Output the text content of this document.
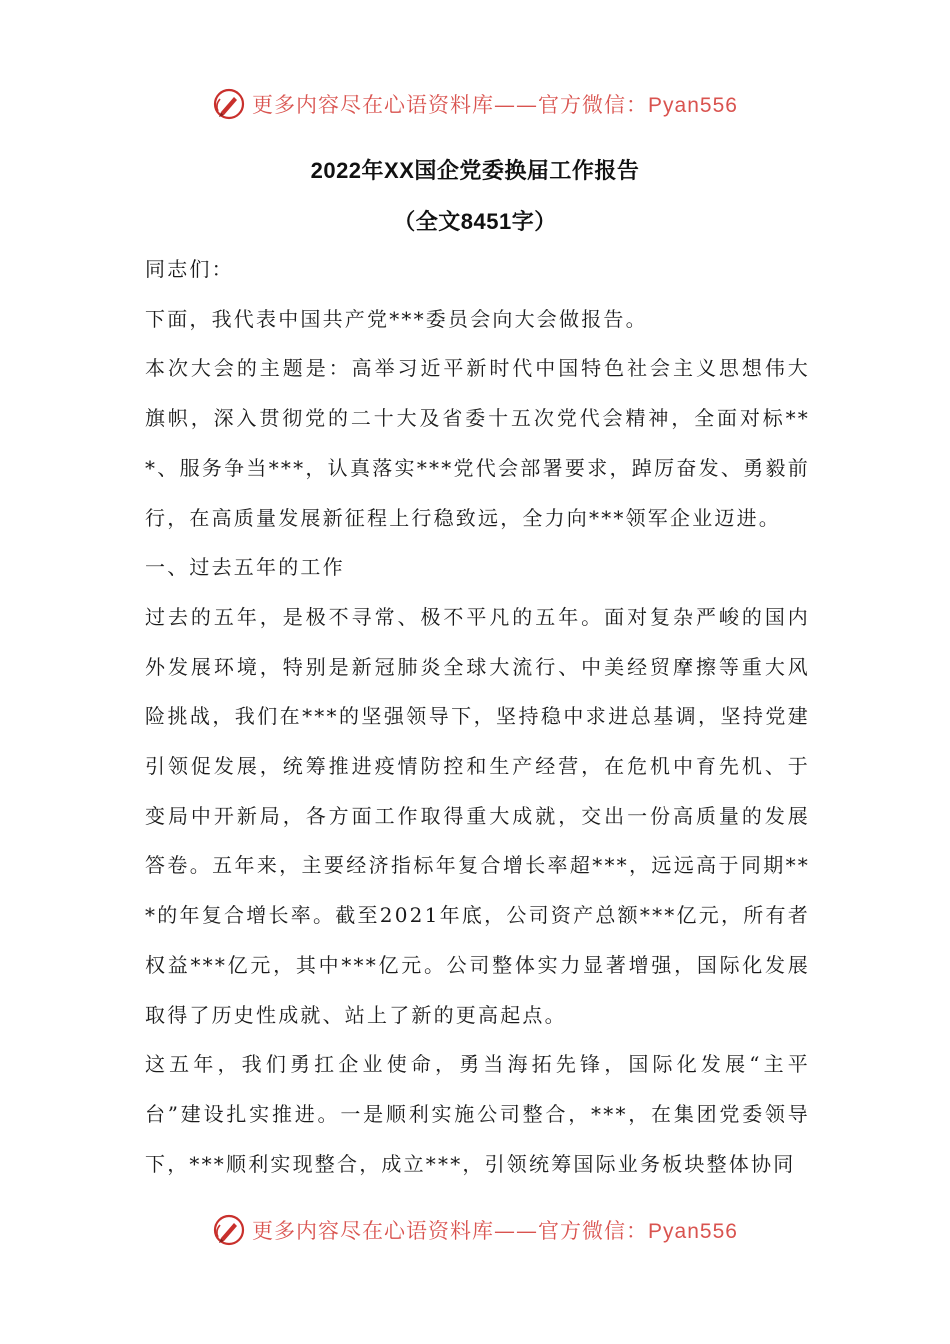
更多内容尽在心语资料库——官方微信：Pyan556
2022年XX国企党委换届工作报告
（全文8451字）

同志们：

下面，我代表中国共产党***委员会向大会做报告。

本次大会的主题是：高举习近平新时代中国特色社会主义思想伟大旗帜，深入贯彻党的二十大及省委十五次党代会精神，全面对标***、服务争当***，认真落实***党代会部署要求，踔厉奋发、勇毅前行，在高质量发展新征程上行稳致远，全力向***领军企业迈进。

一、过去五年的工作

过去的五年，是极不寻常、极不平凡的五年。面对复杂严峻的国内外发展环境，特别是新冠肺炎全球大流行、中美经贸摩擦等重大风险挑战，我们在***的坚强领导下，坚持稳中求进总基调，坚持党建引领促发展，统筹推进疫情防控和生产经营，在危机中育先机、于变局中开新局，各方面工作取得重大成就，交出一份高质量的发展答卷。五年来，主要经济指标年复合增长率超***，远远高于同期***的年复合增长率。截至2021年底，公司资产总额***亿元，所有者权益***亿元，其中***亿元。公司整体实力显著增强，国际化发展取得了历史性成就、站上了新的更高起点。

这五年，我们勇扛企业使命，勇当海拓先锋，国际化发展“主平台”建设扎实推进。一是顺利实施公司整合，***，在集团党委领导下，***顺利实现整合，成立***，引领统筹国际业务板块整体协同

更多内容尽在心语资料库——官方微信：Pyan556
